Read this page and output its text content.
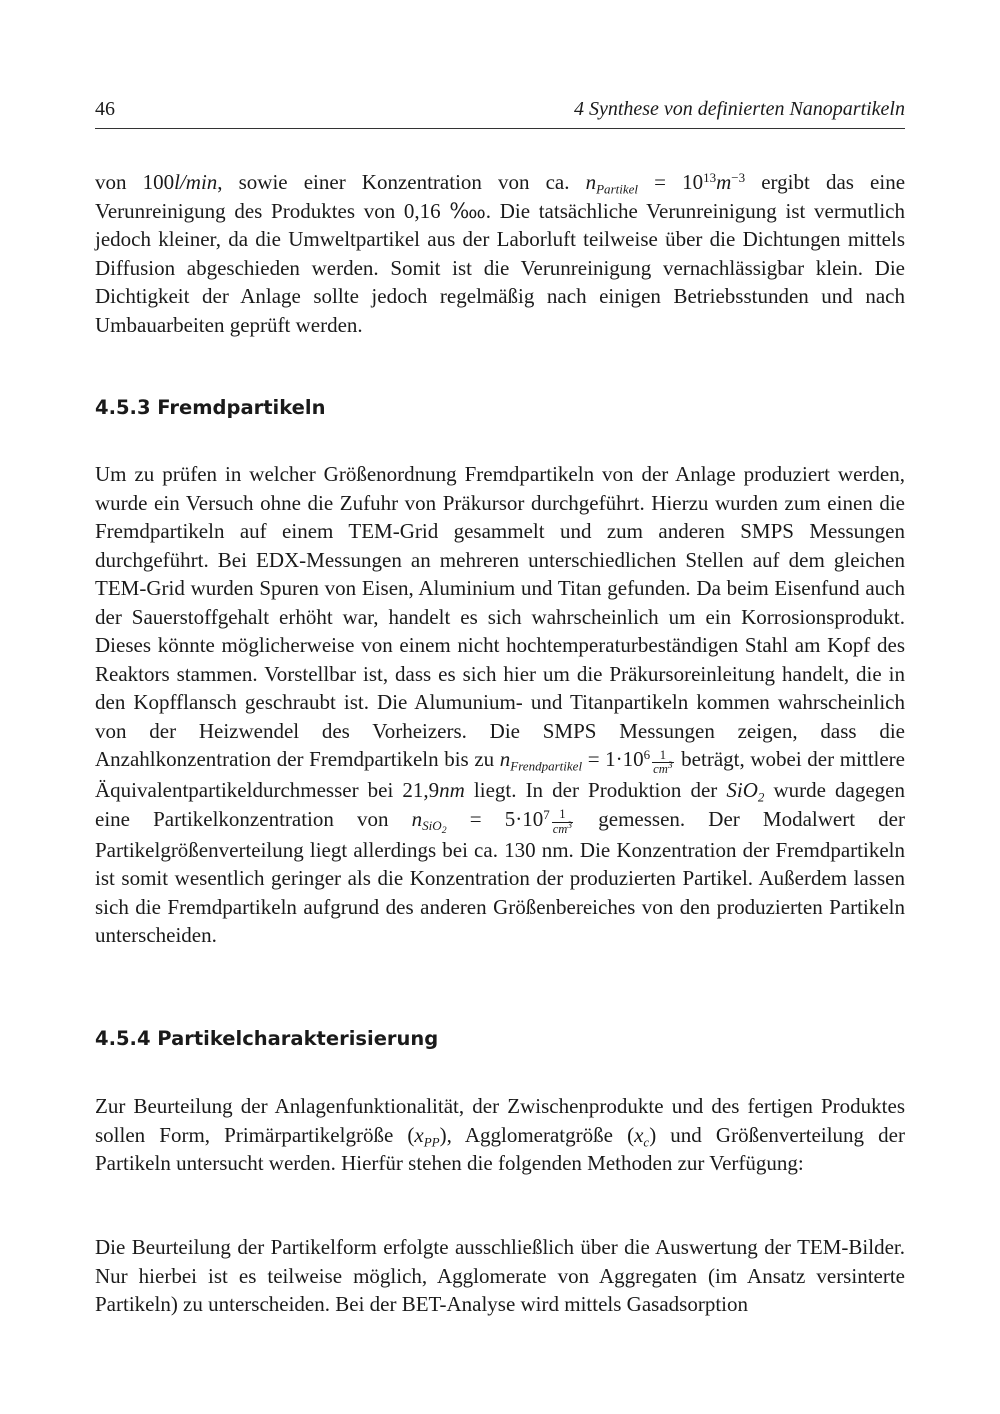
46	4 Synthese von definierten Nanopartikeln

von 100l/min, sowie einer Konzentration von ca. $n_{Partikel} = 10^{13}m^{-3}$ ergibt das eine Verunreinigung des Produktes von 0,16 ‱. Die tatsächliche Verunreinigung ist vermutlich jedoch kleiner, da die Umweltpartikel aus der Laborluft teilweise über die Dichtungen mittels Diffusion abgeschieden werden. Somit ist die Verunreinigung vernachlässigbar klein. Die Dichtigkeit der Anlage sollte jedoch regelmäßig nach einigen Betriebsstunden und nach Umbauarbeiten geprüft werden.

4.5.3 Fremdpartikeln

Um zu prüfen in welcher Größenordnung Fremdpartikeln von der Anlage produziert werden, wurde ein Versuch ohne die Zufuhr von Präkursor durchgeführt. Hierzu wurden zum einen die Fremdpartikeln auf einem TEM-Grid gesammelt und zum anderen SMPS Messungen durchgeführt. Bei EDX-Messungen an mehreren unterschiedlichen Stellen auf dem gleichen TEM-Grid wurden Spuren von Eisen, Aluminium und Titan gefunden. Da beim Eisenfund auch der Sauerstoffgehalt erhöht war, handelt es sich wahrscheinlich um ein Korrosionsprodukt. Dieses könnte möglicherweise von einem nicht hochtemperaturbeständigen Stahl am Kopf des Reaktors stammen. Vorstellbar ist, dass es sich hier um die Präkursoreinleitung handelt, die in den Kopfflansch geschraubt ist. Die Alumunium- und Titanpartikeln kommen wahrscheinlich von der Heizwendel des Vorheizers. Die SMPS Messungen zeigen, dass die Anzahlkonzentration der Fremdpartikeln bis zu $n_{Frendpartikel} = 1\cdot 10^6 \frac{1}{cm^3}$ beträgt, wobei der mittlere Äquivalentpartikeldurchmesser bei 21,9nm liegt. In der Produktion der SiO$_2$ wurde dagegen eine Partikelkonzentration von $n_{SiO_2} = 5\cdot 10^7 \frac{1}{cm^3}$ gemessen. Der Modalwert der Partikelgrößenverteilung liegt allerdings bei ca. 130 nm. Die Konzentration der Fremdpartikeln ist somit wesentlich geringer als die Konzentration der produzierten Partikel. Außerdem lassen sich die Fremdpartikeln aufgrund des anderen Größenbereiches von den produzierten Partikeln unterscheiden.

4.5.4 Partikelcharakterisierung

Zur Beurteilung der Anlagenfunktionalität, der Zwischenprodukte und des fertigen Produktes sollen Form, Primärpartikelgröße $(x_{PP})$, Agglomeratgröße $(x_c)$ und Größenverteilung der Partikeln untersucht werden. Hierfür stehen die folgenden Methoden zur Verfügung:

Die Beurteilung der Partikelform erfolgte ausschließlich über die Auswertung der TEM-Bilder. Nur hierbei ist es teilweise möglich, Agglomerate von Aggregaten (im Ansatz versinterte Partikeln) zu unterscheiden. Bei der BET-Analyse wird mittels Gasadsorption
